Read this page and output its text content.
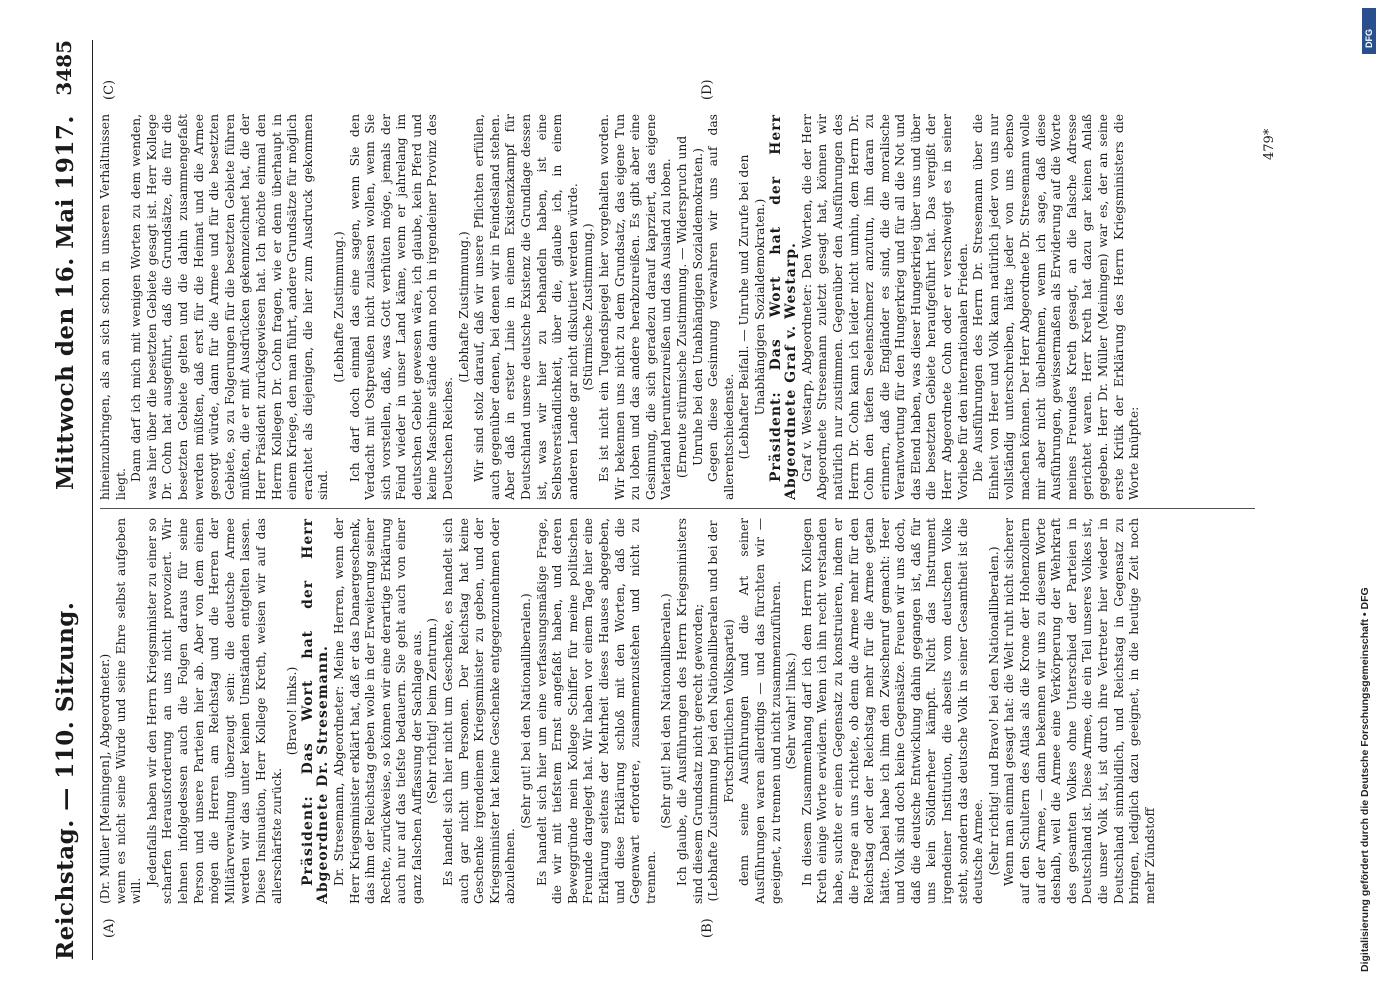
Reichstag. — 110. Sitzung.
Mittwoch den 16. Mai 1917.
3485
(A)	(B)
(C)	(D)

(Dr. Müller [Meiningen], Abgeordneter.) wenn es nicht seine Würde und seine Ehre selbst aufgeben will.

Jedenfalls haben wir den Herrn Kriegsminister zu einer so scharfen Herausforderung an uns nicht provoziert. Wir lehnen infolgedessen auch die Folgen daraus für seine Person und unsere Parteien hier ab. Aber von dem einen mögen die Herren am Reichstag und die Herren der Militärverwaltung überzeugt sein: die deutsche Armee werden wir das unter keinen Umständen entgelten lassen. Diese Insinuation, Herr Kollege Kreth, weisen wir auf das allerschärfste zurück.

(Bravo! links.) Präsident: Das Wort hat der Herr Abgeordnete Dr. Stresemann. Dr. Stresemann, Abgeordneter: Meine Herren, wenn der Herr Kriegsminister erklärt hat, daß er das Danaergeschenk, das ihm der Reichstag geben wolle in der Erweiterung seiner Rechte, zurückweise, so können wir eine derartige Erklärung auch nur auf das tiefste bedauern. Sie geht auch von einer ganz falschen Auffassung der Sachlage aus. (Sehr richtig! beim Zentrum.) Es handelt sich hier nicht um Geschenke, es handelt sich auch gar nicht um Personen. Der Reichstag hat keine Geschenke irgendeinem Kriegsminister zu geben, und der Kriegsminister hat keine Geschenke entgegenzunehmen oder abzulehnen.

(Sehr gut! bei den Nationalliberalen.) Es handelt sich hier um eine verfassungsmäßige Frage, die wir mit tiefstem Ernst angefaßt haben, und deren Beweggründe mein Kollege Schiffer für meine politischen Freunde dargelegt hat. Wir haben vor einem Tage hier eine Erklärung seitens der Mehrheit dieses Hauses abgegeben, und diese Erklärung schloß mit den Worten, daß die Gegenwart erfordere, zusammenzustehen und nicht zu trennen.

(Sehr gut! bei den Nationalliberalen.) Ich glaube, die Ausführungen des Herrn Kriegsministers sind diesem Grundsatz nicht gerecht geworden; (Lebhafte Zustimmung bei den Nationalliberalen und bei der Fortschrittlichen Volkspartei) denn seine Ausführungen und die Art seiner Ausführungen waren allerdings — und das fürchten wir — geeignet, zu trennen und nicht zusammenzuführen. (Sehr wahr! links.) In diesem Zusammenhang darf ich dem Herrn Kollegen Kreth einige Worte erwidern. Wenn ich ihn recht verstanden habe, suchte er einen Gegensatz zu konstruieren, indem er die Frage an uns richtete, ob denn die Armee mehr für den Reichstag oder der Reichstag mehr für die Armee getan hätte. Dabei habe ich ihm den Zwischenruf gemacht: Heer und Volk sind doch keine Gegensätze. Freuen wir uns doch, daß die deutsche Entwicklung dahin gegangen ist, daß für uns kein Söldnerheer kämpft. Nicht das Instrument irgendeiner Institution, die abseits vom deutschen Volke steht, sondern das deutsche Volk in seiner Gesamtheit ist die deutsche Armee. (Sehr richtig! und Bravo! bei den Nationalliberalen.) Wenn man einmal gesagt hat: die Welt ruht nicht sicherer auf den Schultern des Atlas als die Krone der Hohenzollern auf der Armee, — dann bekennen wir uns zu diesem Worte deshalb, weil die Armee eine Verkörperung der Wehrkraft des gesamten Volkes ohne Unterschied der Parteien in Deutschland ist. Diese Armee, die ein Teil unseres Volkes ist, die unser Volk ist, ist durch ihre Vertreter hier wieder in Deutschland sinnbildlich, und Reichstag in Gegensatz zu bringen, lediglich dazu geeignet, in die heutige Zeit noch mehr Zündstoff

hineinzubringen, als an sich schon in unseren Verhältnissen liegt.

Dann darf ich mich mit wenigen Worten zu dem wenden, was hier über die besetzten Gebiete gesagt ist. Herr Kollege Dr. Cohn hat ausgeführt, daß die Grundsätze, die für die besetzten Gebiete gelten und die dahin zusammengefaßt werden müßten, daß erst für die Heimat und die Armee gesorgt würde, dann für die Armee und für die besetzten Gebiete, so zu Folgerungen für die besetzten Gebiete führen müßten, die er mit Ausdrücken gekennzeichnet hat, die der Herr Präsident zurückgewiesen hat. Ich möchte einmal den Herrn Kollegen Dr. Cohn fragen, wie er denn überhaupt in einem Kriege, den man führt, andere Grundsätze für möglich erachtet als diejenigen, die hier zum Ausdruck gekommen sind.

(Lebhafte Zustimmung.) Ich darf doch einmal das eine sagen, wenn Sie den Verdacht mit Ostpreußen nicht zulassen wollen, wenn Sie sich vorstellen, daß, was Gott verhüten möge, jemals der Feind wieder in unser Land käme, wenn er jahrelang im deutschen Gebiet gewesen wäre, ich glaube, kein Pferd und keine Maschine stände dann noch in irgendeiner Provinz des Deutschen Reiches.

(Lebhafte Zustimmung.) Wir sind stolz darauf, daß wir unsere Pflichten erfüllen, auch gegenüber denen, bei denen wir in Feindesland stehen. Aber daß in erster Linie in einem Existenzkampf für Deutschland unsere deutsche Existenz die Grundlage dessen ist, was wir hier zu behandeln haben, ist eine Selbstverständlichkeit, über die, glaube ich, in einem anderen Lande gar nicht diskutiert werden würde. (Stürmische Zustimmung.) Es ist nicht ein Tugendspiegel hier vorgehalten worden. Wir bekennen uns nicht zu dem Grundsatz, das eigene Tun zu loben und das andere herabzureißen. Es gibt aber eine Gesinnung, die sich geradezu darauf kaprziert, das eigene Vaterland herunterzureißen und das Ausland zu loben. (Erneute stürmische Zustimmung. — Widerspruch und Unruhe bei den Unabhängigen Sozialdemokraten.) Gegen diese Gesinnung verwahren wir uns auf das allerentschiedenste. (Lebhafter Beifall. — Unruhe und Zurufe bei den Unabhängigen Sozialdemokraten.) Präsident: Das Wort hat der Herr Abgeordnete Graf v. Westarp. Graf v. Westarp, Abgeordneter: Den Worten, die der Herr Abgeordnete Stresemann zuletzt gesagt hat, können wir natürlich nur zustimmen. Gegenüber den Ausführungen des Herrn Dr. Cohn kann ich leider nicht umhin, dem Herrn Dr. Cohn den tiefen Seelenschmerz anzutun, ihn daran zu erinnern, daß die Engländer es sind, die die moralische Verantwortung für den Hungerkrieg und für all die Not und das Elend haben, was dieser Hungerkrieg über uns und über die besetzten Gebiete heraufgeführt hat. Das vergißt der Herr Abgeordnete Cohn oder er verschweigt es in seiner Vorliebe für den internationalen Frieden. Die Ausführungen des Herrn Dr. Stresemann über die Einheit von Heer und Volk kann natürlich jeder von uns nur vollständig unterschreiben, hätte jeder von uns ebenso machen können. Der Herr Abgeordnete Dr. Stresemann wolle mir aber nicht übelnehmen, wenn ich sage, daß diese Ausführungen, gewissermaßen als Erwiderung auf die Worte meines Freundes Kreth gesagt, an die falsche Adresse gerichtet waren. Herr Kreth hat dazu gar keinen Anlaß gegeben. Herr Dr. Müller (Meiningen) war es, der an seine erste Kritik der Erklärung des Herrn Kriegsministers die Worte knüpfte:

479*
DFG
Digitalisierung gefördert durch die Deutsche Forschungsgemeinschaft • DFG
